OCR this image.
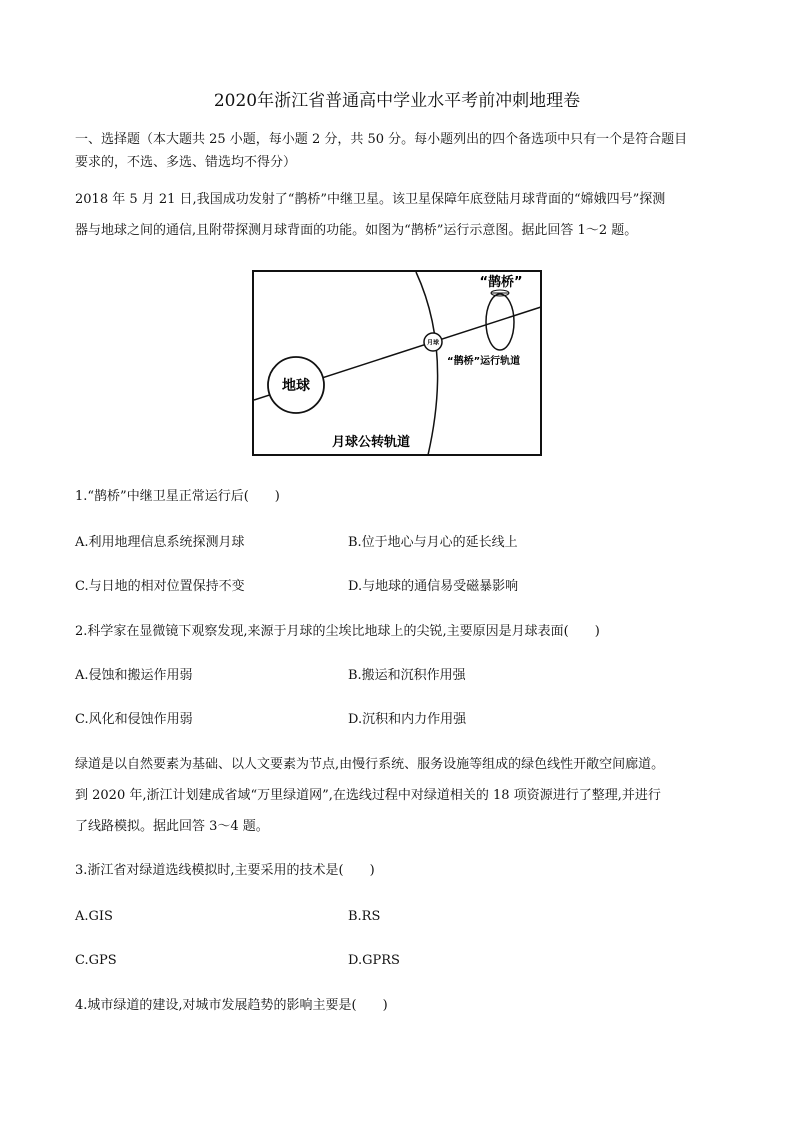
2020年浙江省普通高中学业水平考前冲刺地理卷
一、选择题（本大题共 25 小题，每小题 2 分，共 50 分。每小题列出的四个备选项中只有一个是符合题目
要求的，不选、多选、错选均不得分）
2018 年 5 月 21 日,我国成功发射了“鹊桥”中继卫星。该卫星保障年底登陆月球背面的“嫦娥四号”探测
器与地球之间的通信,且附带探测月球背面的功能。如图为“鹊桥”运行示意图。据此回答 1～2 题。
地球
月球
“鹊桥”
“鹊桥”运行轨道
月球公转轨道
1.“鹊桥”中继卫星正常运行后(　　)
A.利用地理信息系统探测月球	B.位于地心与月心的延长线上
C.与日地的相对位置保持不变	D.与地球的通信易受磁暴影响
2.科学家在显微镜下观察发现,来源于月球的尘埃比地球上的尖锐,主要原因是月球表面(　　)
A.侵蚀和搬运作用弱	B.搬运和沉积作用强
C.风化和侵蚀作用弱	D.沉积和内力作用强
绿道是以自然要素为基础、以人文要素为节点,由慢行系统、服务设施等组成的绿色线性开敞空间廊道。
到 2020 年,浙江计划建成省域“万里绿道网”,在选线过程中对绿道相关的 18 项资源进行了整理,并进行
了线路模拟。据此回答 3～4 题。
3.浙江省对绿道选线模拟时,主要采用的技术是(　　)
A.GIS	B.RS
C.GPS	D.GPRS
4.城市绿道的建设,对城市发展趋势的影响主要是(　　)
